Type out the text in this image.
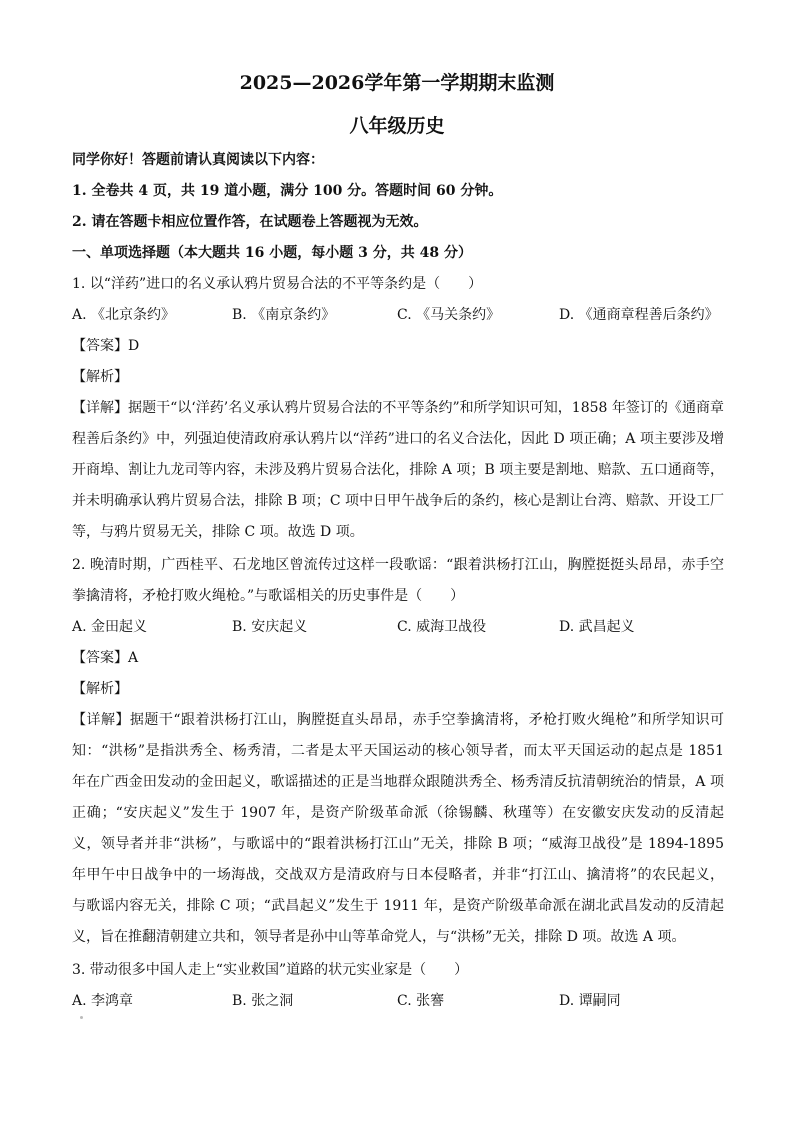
2025—2026学年第一学期期末监测
八年级历史
同学你好！答题前请认真阅读以下内容：
1. 全卷共 4 页，共 19 道小题，满分 100 分。答题时间 60 分钟。
2. 请在答题卡相应位置作答，在试题卷上答题视为无效。
一、单项选择题（本大题共 16 小题，每小题 3 分，共 48 分）
1. 以“洋药”进口的名义承认鸦片贸易合法的不平等条约是（　　）
A. 《北京条约》	B. 《南京条约》	C. 《马关条约》	D. 《通商章程善后条约》
【答案】D
【解析】
【详解】据题干“以‘洋药’名义承认鸦片贸易合法的不平等条约”和所学知识可知，1858 年签订的《通商章
程善后条约》中，列强迫使清政府承认鸦片以“洋药”进口的名义合法化，因此 D 项正确；A 项主要涉及增
开商埠、割让九龙司等内容，未涉及鸦片贸易合法化，排除 A 项；B 项主要是割地、赔款、五口通商等，
并未明确承认鸦片贸易合法，排除 B 项；C 项中日甲午战争后的条约，核心是割让台湾、赔款、开设工厂
等，与鸦片贸易无关，排除 C 项。故选 D 项。
2. 晚清时期，广西桂平、石龙地区曾流传过这样一段歌谣：“跟着洪杨打江山，胸膛挺挺头昂昂，赤手空
拳擒清将，矛枪打败火绳枪。”与歌谣相关的历史事件是（　　）
A. 金田起义	B. 安庆起义	C. 威海卫战役	D. 武昌起义
【答案】A
【解析】
【详解】据题干“跟着洪杨打江山，胸膛挺直头昂昂，赤手空拳擒清将，矛枪打败火绳枪”和所学知识可
知：“洪杨”是指洪秀全、杨秀清，二者是太平天国运动的核心领导者，而太平天国运动的起点是 1851
年在广西金田发动的金田起义，歌谣描述的正是当地群众跟随洪秀全、杨秀清反抗清朝统治的情景，A 项
正确；“安庆起义”发生于 1907 年，是资产阶级革命派（徐锡麟、秋瑾等）在安徽安庆发动的反清起
义，领导者并非“洪杨”，与歌谣中的“跟着洪杨打江山”无关，排除 B 项；“威海卫战役”是 1894-1895
年甲午中日战争中的一场海战，交战双方是清政府与日本侵略者，并非“打江山、擒清将”的农民起义，
与歌谣内容无关，排除 C 项；“武昌起义”发生于 1911 年，是资产阶级革命派在湖北武昌发动的反清起
义，旨在推翻清朝建立共和，领导者是孙中山等革命党人，与“洪杨”无关，排除 D 项。故选 A 项。
3. 带动很多中国人走上“实业救国”道路的状元实业家是（　　）
A. 李鸿章	B. 张之洞	C. 张謇	D. 谭嗣同
